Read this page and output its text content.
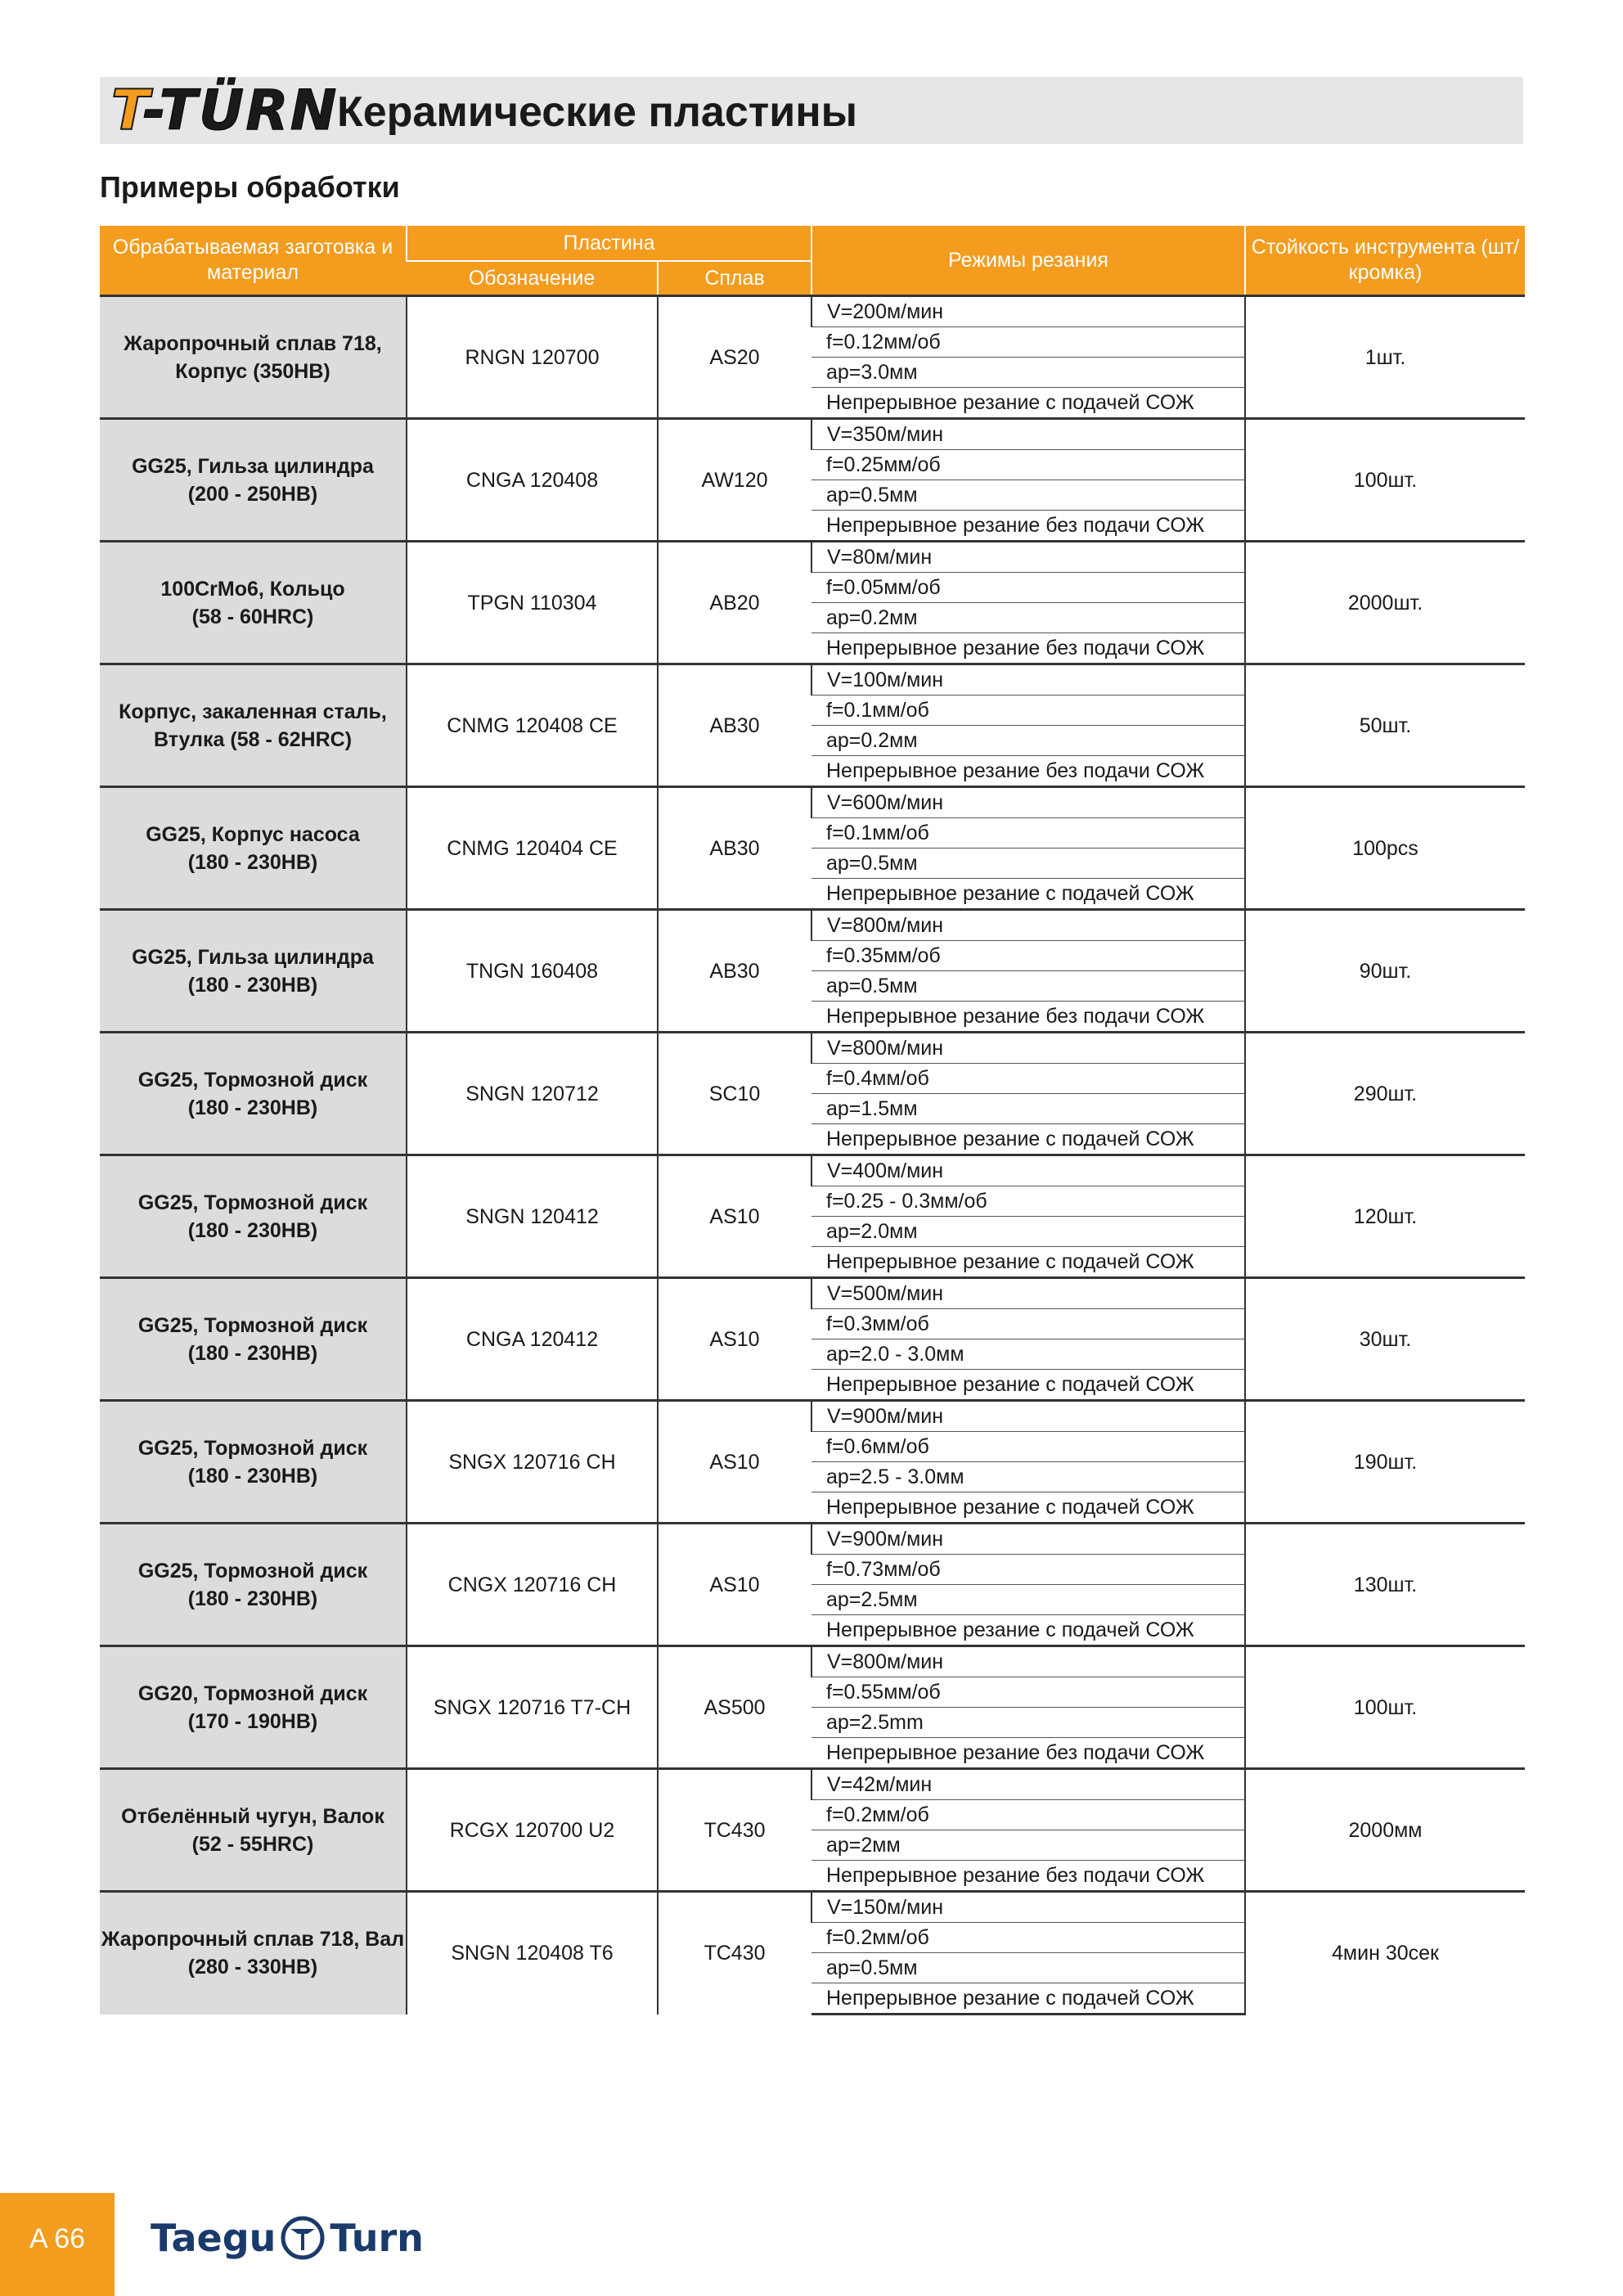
T-TÜRN
Керамические пластины
Примеры обработки
Обрабатываемая заготовка и материал	Пластина		Режимы резания	Стойкость инструмента (шт/кромка)
	Обозначение	Сплав		

Жаропрочный сплав 718,
Корпус (350HB)	RNGN 120700	AS20	V=200м/мин	1шт.
			f=0.12мм/об	
			ap=3.0мм	
			Непрерывное резание с подачей СОЖ	

GG25, Гильза цилиндра
(200 - 250HB)	CNGA 120408	AW120	V=350м/мин	100шт.
			f=0.25мм/об	
			ap=0.5мм	
			Непрерывное резание без подачи СОЖ	

100CrMo6, Кольцо
(58 - 60HRC)	TPGN 110304	AB20	V=80м/мин	2000шт.
			f=0.05мм/об	
			ap=0.2мм	
			Непрерывное резание без подачи СОЖ	

Корпус, закаленная сталь,
Втулка (58 - 62HRC)	CNMG 120408 CE	AB30	V=100м/мин	50шт.
			f=0.1мм/об	
			ap=0.2мм	
			Непрерывное резание без подачи СОЖ	

GG25, Корпус насоса
(180 - 230HB)	CNMG 120404 CE	AB30	V=600м/мин	100pcs
			f=0.1мм/об	
			ap=0.5мм	
			Непрерывное резание с подачей СОЖ	

GG25, Гильза цилиндра
(180 - 230HB)	TNGN 160408	AB30	V=800м/мин	90шт.
			f=0.35мм/об	
			ap=0.5мм	
			Непрерывное резание без подачи СОЖ	

GG25, Тормозной диск
(180 - 230HB)	SNGN 120712	SC10	V=800м/мин	290шт.
			f=0.4мм/об	
			ap=1.5мм	
			Непрерывное резание с подачей СОЖ	

GG25, Тормозной диск
(180 - 230HB)	SNGN 120412	AS10	V=400м/мин	120шт.
			f=0.25 - 0.3мм/об	
			ap=2.0мм	
			Непрерывное резание с подачей СОЖ	

GG25, Тормозной диск
(180 - 230HB)	CNGA 120412	AS10	V=500м/мин	30шт.
			f=0.3мм/об	
			ap=2.0 - 3.0мм	
			Непрерывное резание с подачей СОЖ	

GG25, Тормозной диск
(180 - 230HB)	SNGX 120716 CH	AS10	V=900м/мин	190шт.
			f=0.6мм/об	
			ap=2.5 - 3.0мм	
			Непрерывное резание с подачей СОЖ	

GG25, Тормозной диск
(180 - 230HB)	CNGX 120716 CH	AS10	V=900м/мин	130шт.
			f=0.73мм/об	
			ap=2.5мм	
			Непрерывное резание с подачей СОЖ	

GG20, Тормозной диск
(170 - 190HB)	SNGX 120716 T7-CH	AS500	V=800м/мин	100шт.
			f=0.55мм/об	
			ap=2.5mm	
			Непрерывное резание без подачи СОЖ	

Отбелённый чугун, Валок
(52 - 55HRC)	RCGX 120700 U2	TC430	V=42м/мин	2000мм
			f=0.2мм/об	
			ap=2мм	
			Непрерывное резание без подачи СОЖ	

Жаропрочный сплав 718, Вал
(280 - 330HB)	SNGN 120408 T6	TC430	V=150м/мин	4мин 30сек
			f=0.2мм/об	
			ap=0.5мм	
			Непрерывное резание с подачей СОЖ	
A 66	Taegu Turn
